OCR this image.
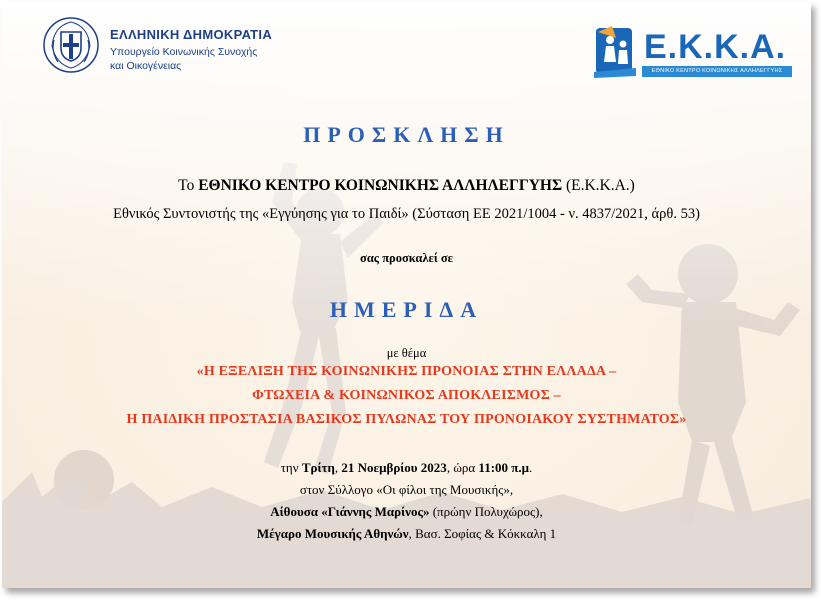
ΕΛΛΗΝΙΚΗ ΔΗΜΟΚΡΑΤΙΑ
Υπουργείο Κοινωνικής Συνοχής
και Οικογένειας	Ε.Κ.Κ.Α.
ΕΘΝΙΚΟ ΚΕΝΤΡΟ ΚΟΙΝΩΝΙΚΗΣ ΑΛΛΗΛΕΓΓΥΗΣ
ΠΡΟΣΚΛΗΣΗ
Το ΕΘΝΙΚΟ ΚΕΝΤΡΟ ΚΟΙΝΩΝΙΚΗΣ ΑΛΛΗΛΕΓΓΥΗΣ (Ε.Κ.Κ.Α.)
Εθνικός Συντονιστής της «Εγγύησης για το Παιδί» (Σύσταση ΕΕ 2021/1004 - ν. 4837/2021, άρθ. 53)
σας προσκαλεί σε
ΗΜΕΡΙΔΑ
με θέμα
«Η ΕΞΕΛΙΞΗ ΤΗΣ ΚΟΙΝΩΝΙΚΗΣ ΠΡΟΝΟΙΑΣ ΣΤΗΝ ΕΛΛΑΔΑ –
ΦΤΩΧΕΙΑ & ΚΟΙΝΩΝΙΚΟΣ ΑΠΟΚΛΕΙΣΜΟΣ –
Η ΠΑΙΔΙΚΗ ΠΡΟΣΤΑΣΙΑ ΒΑΣΙΚΟΣ ΠΥΛΩΝΑΣ ΤΟΥ ΠΡΟΝΟΙΑΚΟΥ ΣΥΣΤΗΜΑΤΟΣ»
την Τρίτη, 21 Νοεμβρίου 2023, ώρα 11:00 π.μ.
στον Σύλλογο «Οι φίλοι της Μουσικής»,
Αίθουσα «Γιάννης Μαρίνος» (πρώην Πολυχώρος),
Μέγαρο Μουσικής Αθηνών, Βασ. Σοφίας & Κόκκαλη 1
